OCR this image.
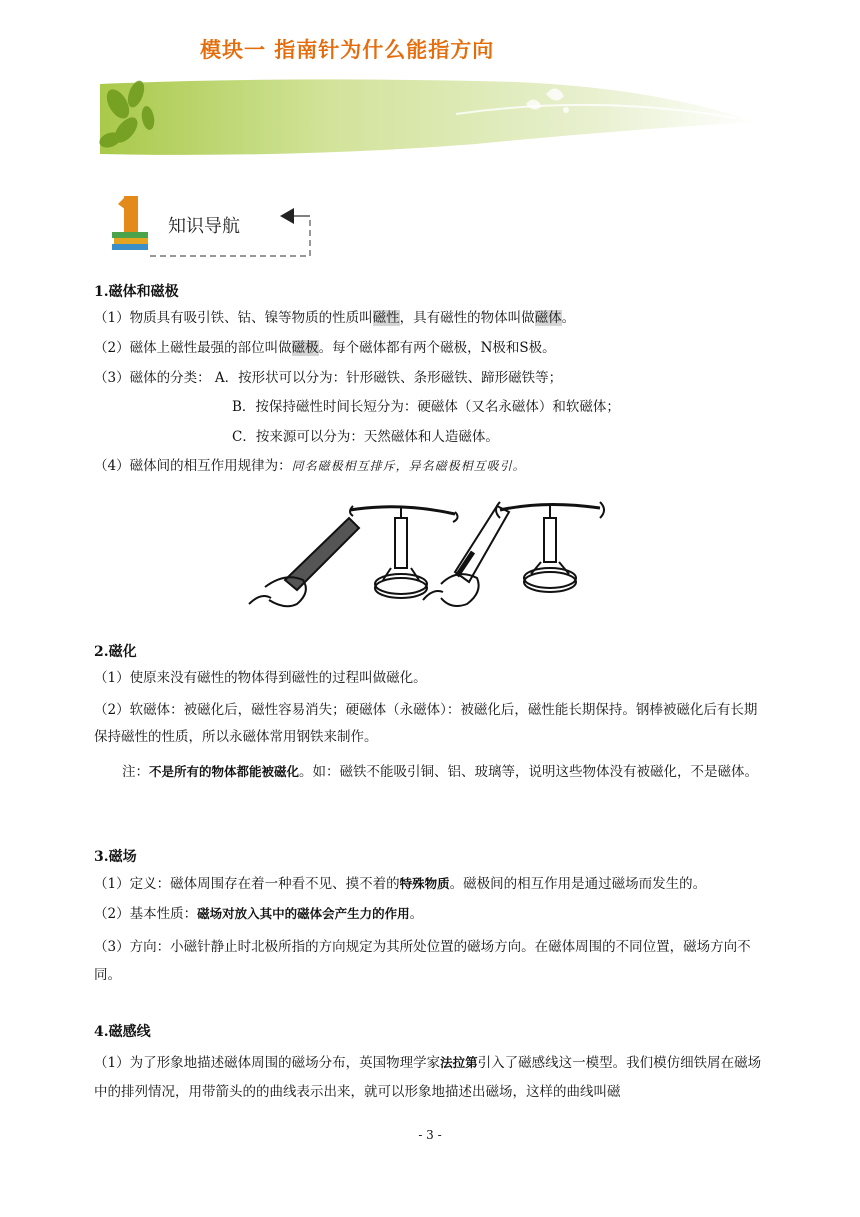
模块一 指南针为什么能指方向
知识导航
1.磁体和磁极
（1）物质具有吸引铁、钴、镍等物质的性质叫磁性，具有磁性的物体叫做磁体。
（2）磁体上磁性最强的部位叫做磁极。每个磁体都有两个磁极，N极和S极。
（3）磁体的分类： A．按形状可以分为：针形磁铁、条形磁铁、蹄形磁铁等；
B．按保持磁性时间长短分为：硬磁体（又名永磁体）和软磁体；
C．按来源可以分为：天然磁体和人造磁体。
（4）磁体间的相互作用规律为：同名磁极相互排斥，异名磁极相互吸引。
2.磁化
（1）使原来没有磁性的物体得到磁性的过程叫做磁化。
（2）软磁体：被磁化后，磁性容易消失；硬磁体（永磁体）：被磁化后，磁性能长期保持。钢棒被磁化后有长期保持磁性的性质，所以永磁体常用钢铁来制作。
注：不是所有的物体都能被磁化。如：磁铁不能吸引铜、铝、玻璃等，说明这些物体没有被磁化，不是磁体。
3.磁场
（1）定义：磁体周围存在着一种看不见、摸不着的特殊物质。磁极间的相互作用是通过磁场而发生的。
（2）基本性质：磁场对放入其中的磁体会产生力的作用。
（3）方向：小磁针静止时北极所指的方向规定为其所处位置的磁场方向。在磁体周围的不同位置，磁场方向不同。
4.磁感线
（1）为了形象地描述磁体周围的磁场分布，英国物理学家法拉第引入了磁感线这一模型。我们模仿细铁屑在磁场中的排列情况，用带箭头的的曲线表示出来，就可以形象地描述出磁场，这样的曲线叫磁
- 3 -
